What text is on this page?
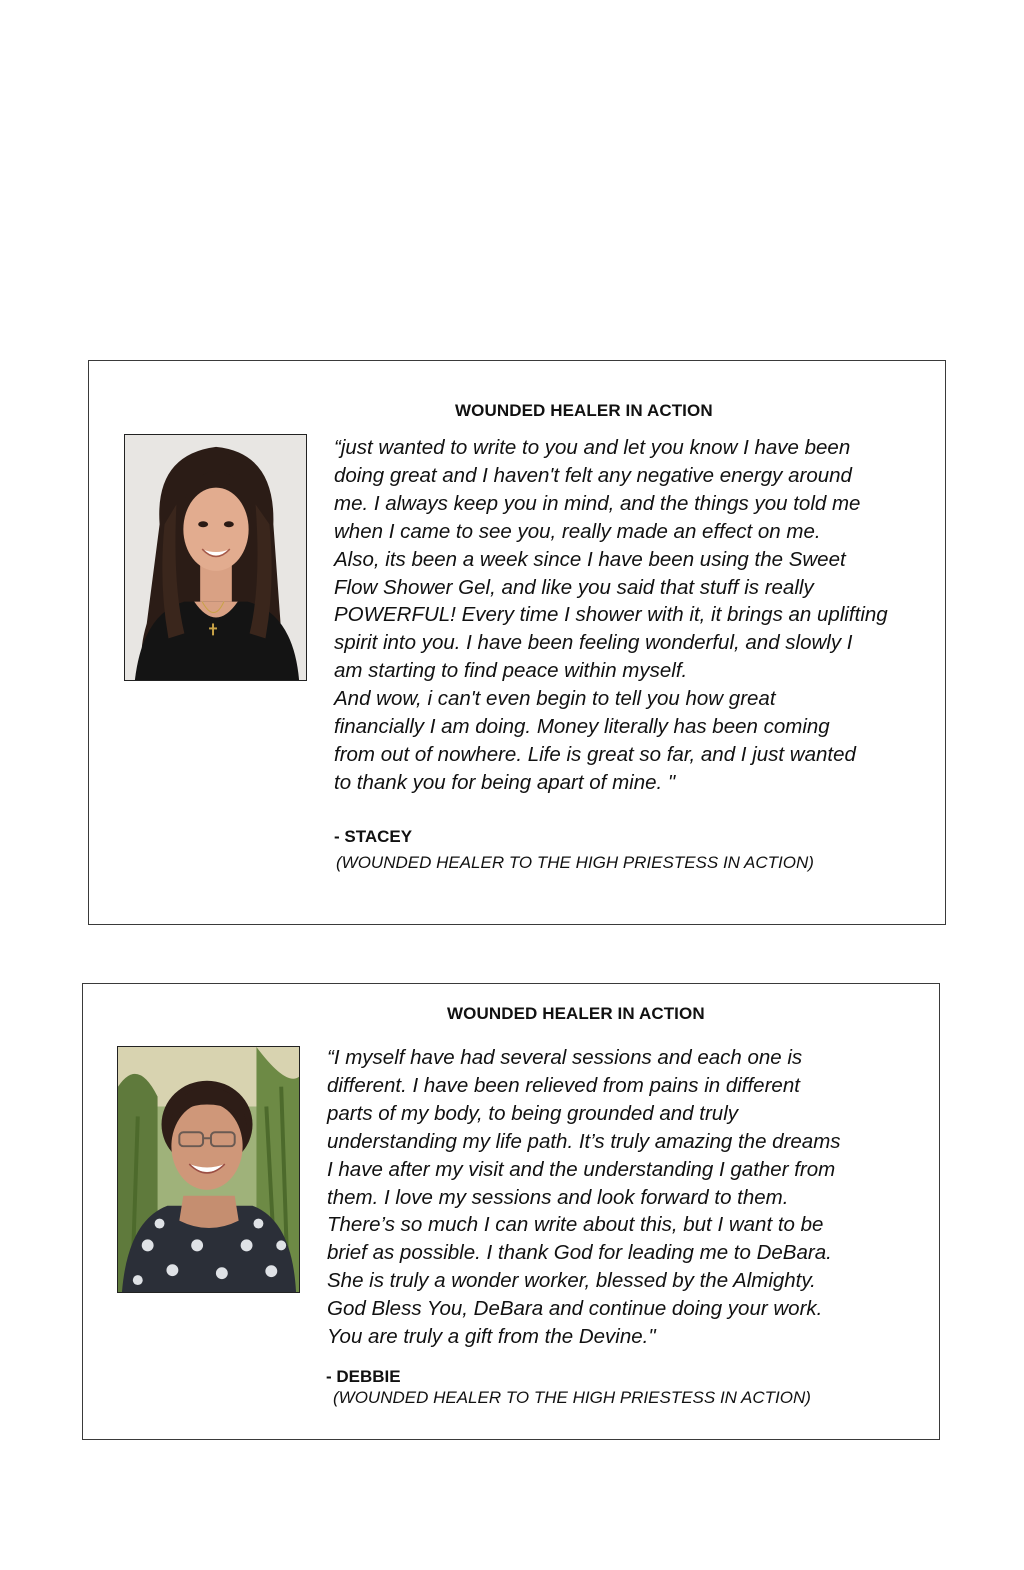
WOUNDED HEALER IN ACTION
“just wanted to write to you and let you know I have been
doing great and I haven't felt any negative energy around
me. I always keep you in mind, and the things you told me
when I came to see you, really made an effect on me.
Also, its been a week since I have been using the Sweet
Flow Shower Gel, and like you said that stuff is really
POWERFUL! Every time I shower with it, it brings an uplifting
spirit into you. I have been feeling wonderful, and slowly I
am starting to find peace within myself.
And wow, i can't even begin to tell you how great
financially I am doing. Money literally has been coming
from out of nowhere. Life is great so far, and I just wanted
to thank you for being apart of mine. "

- STACEY

(WOUNDED HEALER TO THE HIGH PRIESTESS IN ACTION)

WOUNDED HEALER IN ACTION
“I myself have had several sessions and each one is
different. I have been relieved from pains in different
parts of my body, to being grounded and truly
understanding my life path. It’s truly amazing the dreams
I have after my visit and the understanding I gather from
them. I love my sessions and look forward to them.
There’s so much I can write about this, but I want to be
brief as possible. I thank God for leading me to DeBara.
She is truly a wonder worker, blessed by the Almighty.
God Bless You, DeBara and continue doing your work.
You are truly a gift from the Devine."

- DEBBIE

(WOUNDED HEALER TO THE HIGH PRIESTESS IN ACTION)
